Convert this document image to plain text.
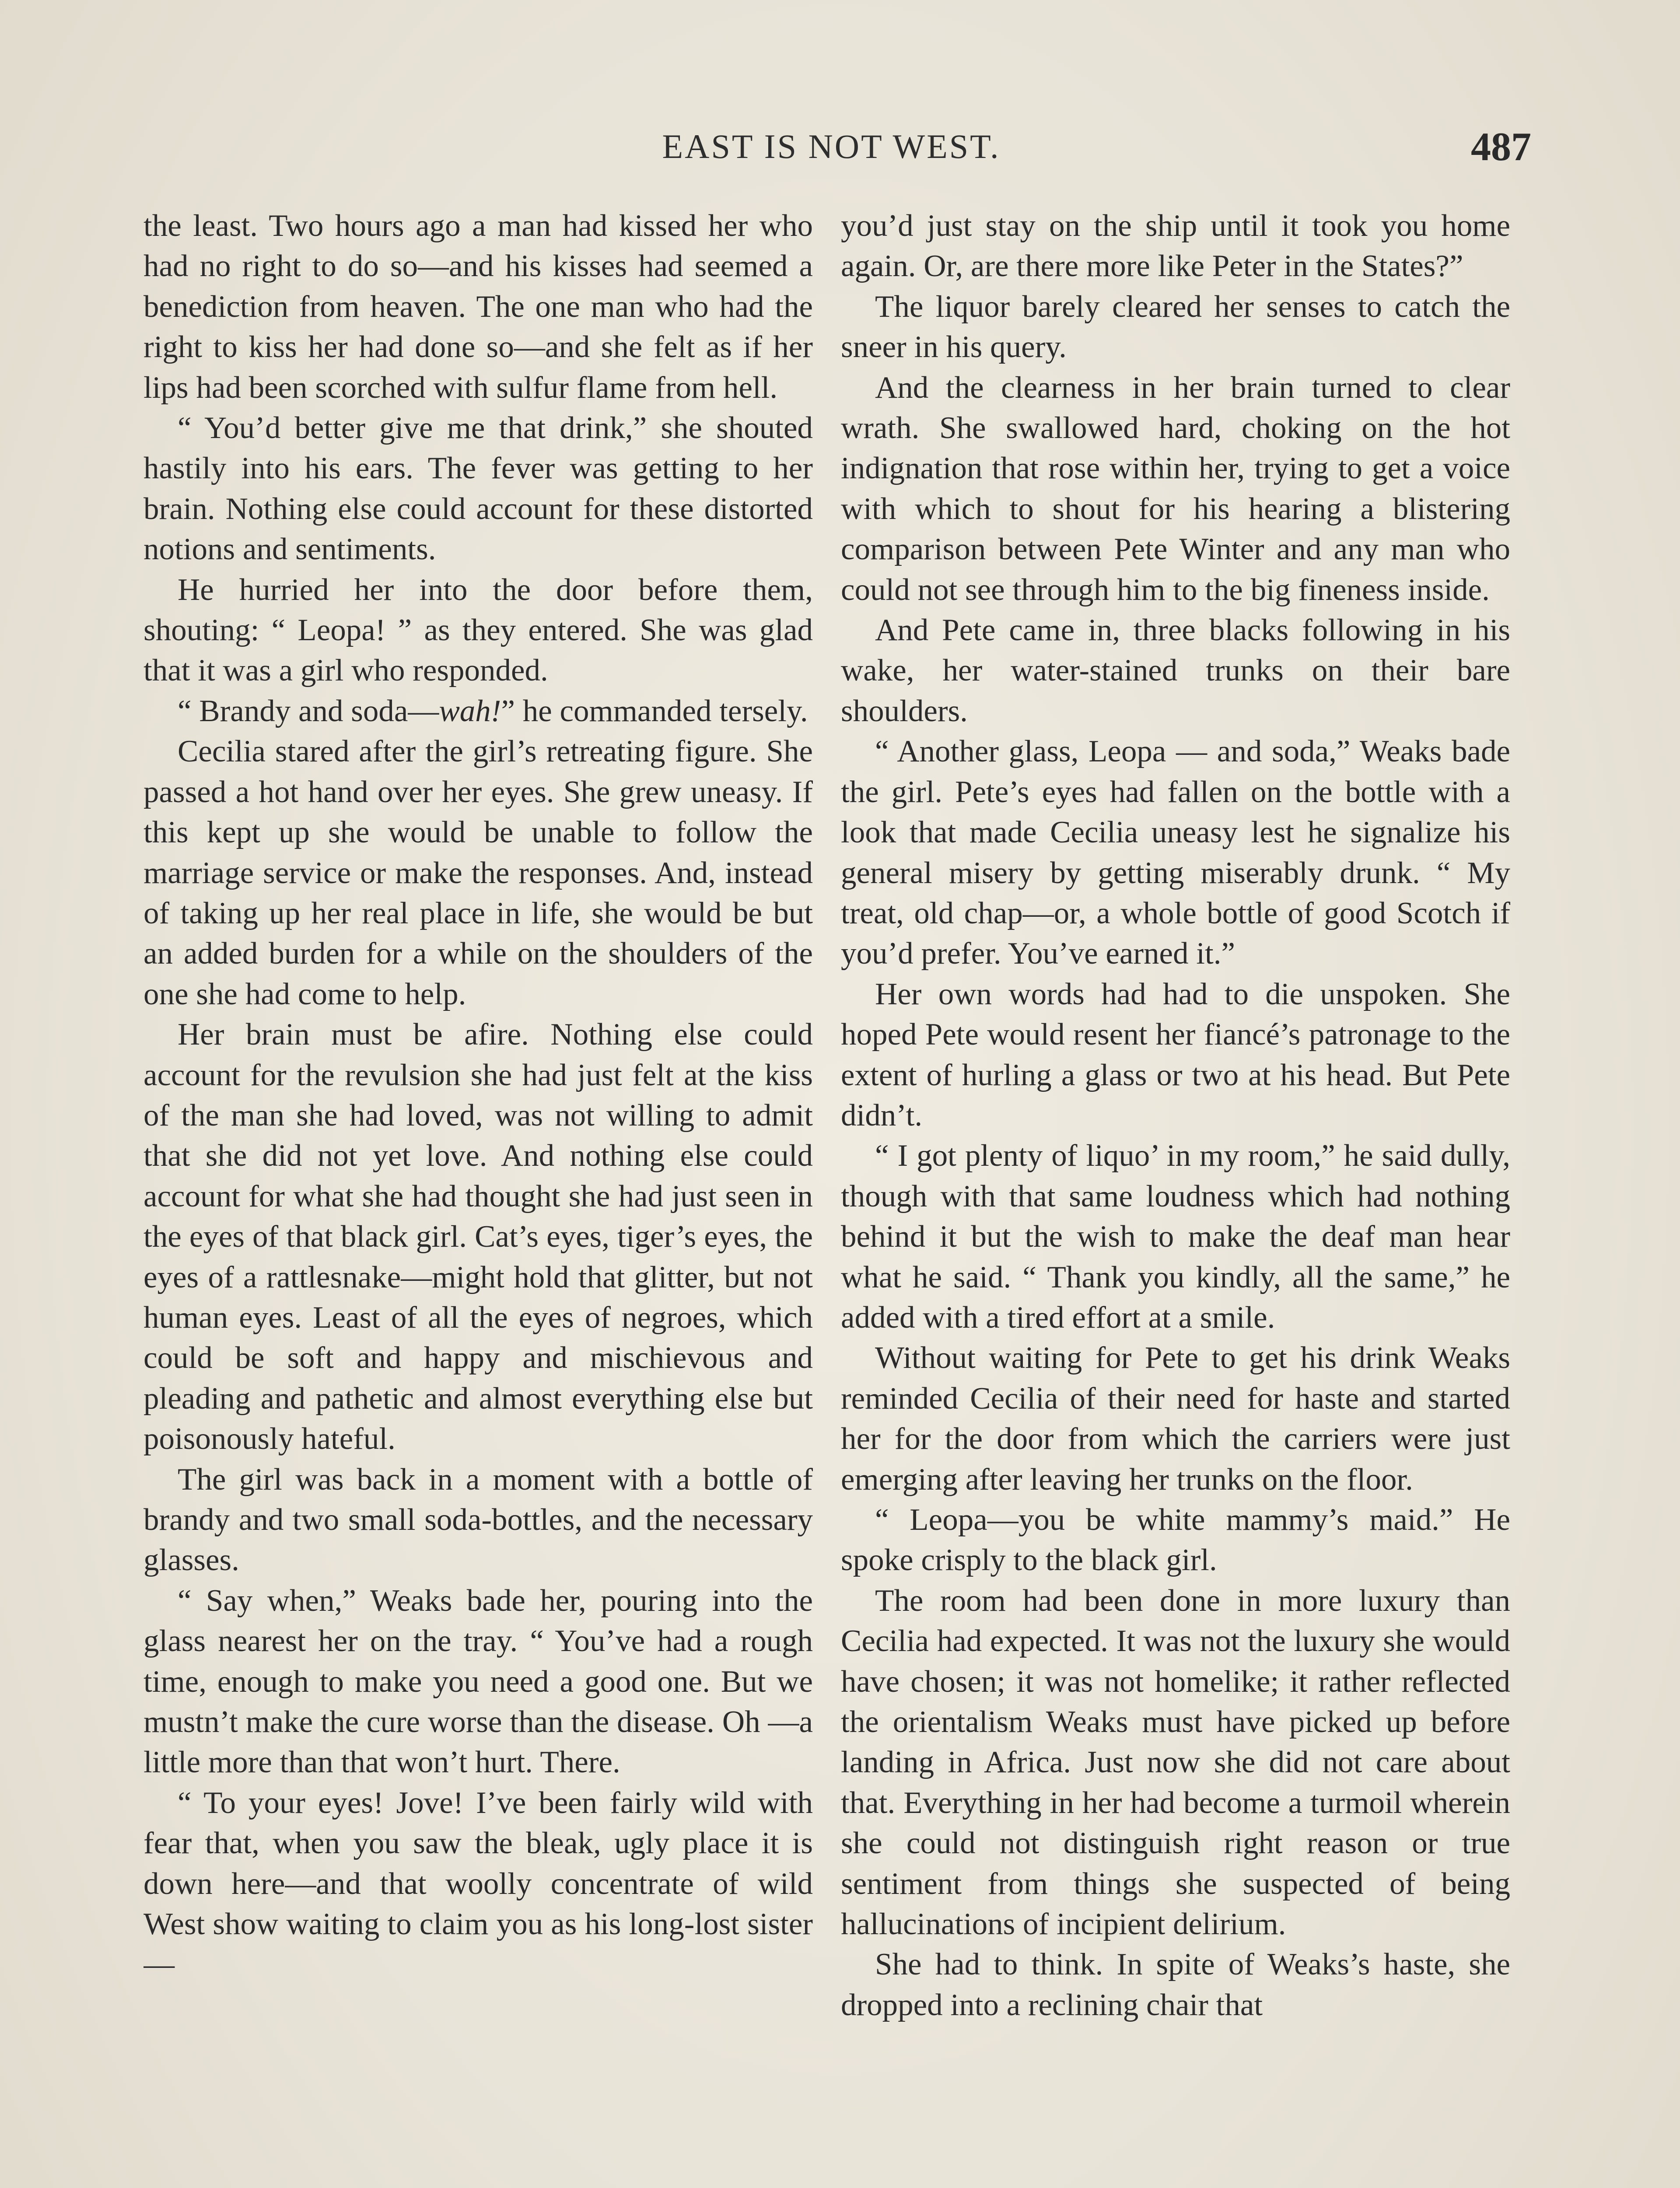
EAST IS NOT WEST.	487

the least. Two hours ago a man had kissed her who had no right to do so—and his kisses had seemed a benediction from heaven. The one man who had the right to kiss her had done so—and she felt as if her lips had been scorched with sulfur flame from hell.

“ You’d better give me that drink,” she shouted hastily into his ears. The fever was getting to her brain. Nothing else could account for these distorted notions and sentiments.

He hurried her into the door before them, shouting: “ Leopa! ” as they entered. She was glad that it was a girl who responded.

“ Brandy and soda—wah!” he commanded tersely.

Cecilia stared after the girl’s retreating figure. She passed a hot hand over her eyes. She grew uneasy. If this kept up she would be unable to follow the marriage service or make the responses. And, instead of taking up her real place in life, she would be but an added burden for a while on the shoulders of the one she had come to help.

Her brain must be afire. Nothing else could account for the revulsion she had just felt at the kiss of the man she had loved, was not willing to admit that she did not yet love. And nothing else could account for what she had thought she had just seen in the eyes of that black girl. Cat’s eyes, tiger’s eyes, the eyes of a rattlesnake—might hold that glitter, but not human eyes. Least of all the eyes of negroes, which could be soft and happy and mischievous and pleading and pathetic and almost everything else but poisonously hateful.

The girl was back in a moment with a bottle of brandy and two small soda-bottles, and the necessary glasses.

“ Say when,” Weaks bade her, pouring into the glass nearest her on the tray. “ You’ve had a rough time, enough to make you need a good one. But we mustn’t make the cure worse than the disease. Oh —a little more than that won’t hurt. There.

“ To your eyes! Jove! I’ve been fairly wild with fear that, when you saw the bleak, ugly place it is down here—and that woolly concentrate of wild West show waiting to claim you as his long-lost sister—

you’d just stay on the ship until it took you home again. Or, are there more like Peter in the States?”

The liquor barely cleared her senses to catch the sneer in his query.

And the clearness in her brain turned to clear wrath. She swallowed hard, choking on the hot indignation that rose within her, trying to get a voice with which to shout for his hearing a blistering comparison between Pete Winter and any man who could not see through him to the big fineness inside.

And Pete came in, three blacks following in his wake, her water-stained trunks on their bare shoulders.

“ Another glass, Leopa — and soda,” Weaks bade the girl. Pete’s eyes had fallen on the bottle with a look that made Cecilia uneasy lest he signalize his general misery by getting miserably drunk. “ My treat, old chap—or, a whole bottle of good Scotch if you’d prefer. You’ve earned it.”

Her own words had had to die unspoken. She hoped Pete would resent her fiancé’s patronage to the extent of hurling a glass or two at his head. But Pete didn’t.

“ I got plenty of liquo’ in my room,” he said dully, though with that same loudness which had nothing behind it but the wish to make the deaf man hear what he said. “ Thank you kindly, all the same,” he added with a tired effort at a smile.

Without waiting for Pete to get his drink Weaks reminded Cecilia of their need for haste and started her for the door from which the carriers were just emerging after leaving her trunks on the floor.

“ Leopa—you be white mammy’s maid.” He spoke crisply to the black girl.

The room had been done in more luxury than Cecilia had expected. It was not the luxury she would have chosen; it was not homelike; it rather reflected the orientalism Weaks must have picked up before landing in Africa. Just now she did not care about that. Everything in her had become a turmoil wherein she could not distinguish right reason or true sentiment from things she suspected of being hallucinations of incipient delirium.

She had to think. In spite of Weaks’s haste, she dropped into a reclining chair that
